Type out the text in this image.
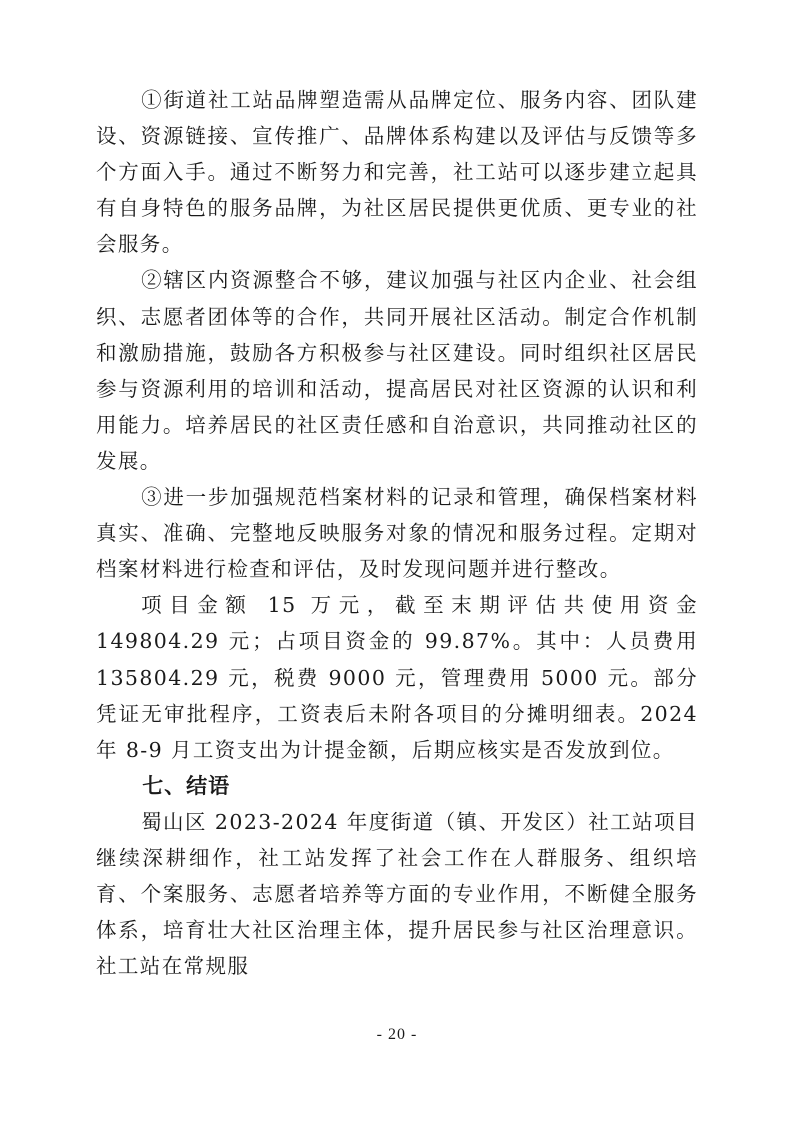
①街道社工站品牌塑造需从品牌定位、服务内容、团队建设、资源链接、宣传推广、品牌体系构建以及评估与反馈等多个方面入手。通过不断努力和完善，社工站可以逐步建立起具有自身特色的服务品牌，为社区居民提供更优质、更专业的社会服务。

②辖区内资源整合不够，建议加强与社区内企业、社会组织、志愿者团体等的合作，共同开展社区活动。制定合作机制和激励措施，鼓励各方积极参与社区建设。同时组织社区居民参与资源利用的培训和活动，提高居民对社区资源的认识和利用能力。培养居民的社区责任感和自治意识，共同推动社区的发展。

③进一步加强规范档案材料的记录和管理，确保档案材料真实、准确、完整地反映服务对象的情况和服务过程。定期对档案材料进行检查和评估，及时发现问题并进行整改。

项目金额 15 万元，截至末期评估共使用资金 149804.29 元；占项目资金的 99.87%。其中：人员费用 135804.29 元，税费 9000 元，管理费用 5000 元。部分凭证无审批程序，工资表后未附各项目的分摊明细表。2024 年 8-9 月工资支出为计提金额，后期应核实是否发放到位。

七、结语

蜀山区 2023-2024 年度街道（镇、开发区）社工站项目继续深耕细作，社工站发挥了社会工作在人群服务、组织培育、个案服务、志愿者培养等方面的专业作用，不断健全服务体系，培育壮大社区治理主体，提升居民参与社区治理意识。社工站在常规服

- 20 -
